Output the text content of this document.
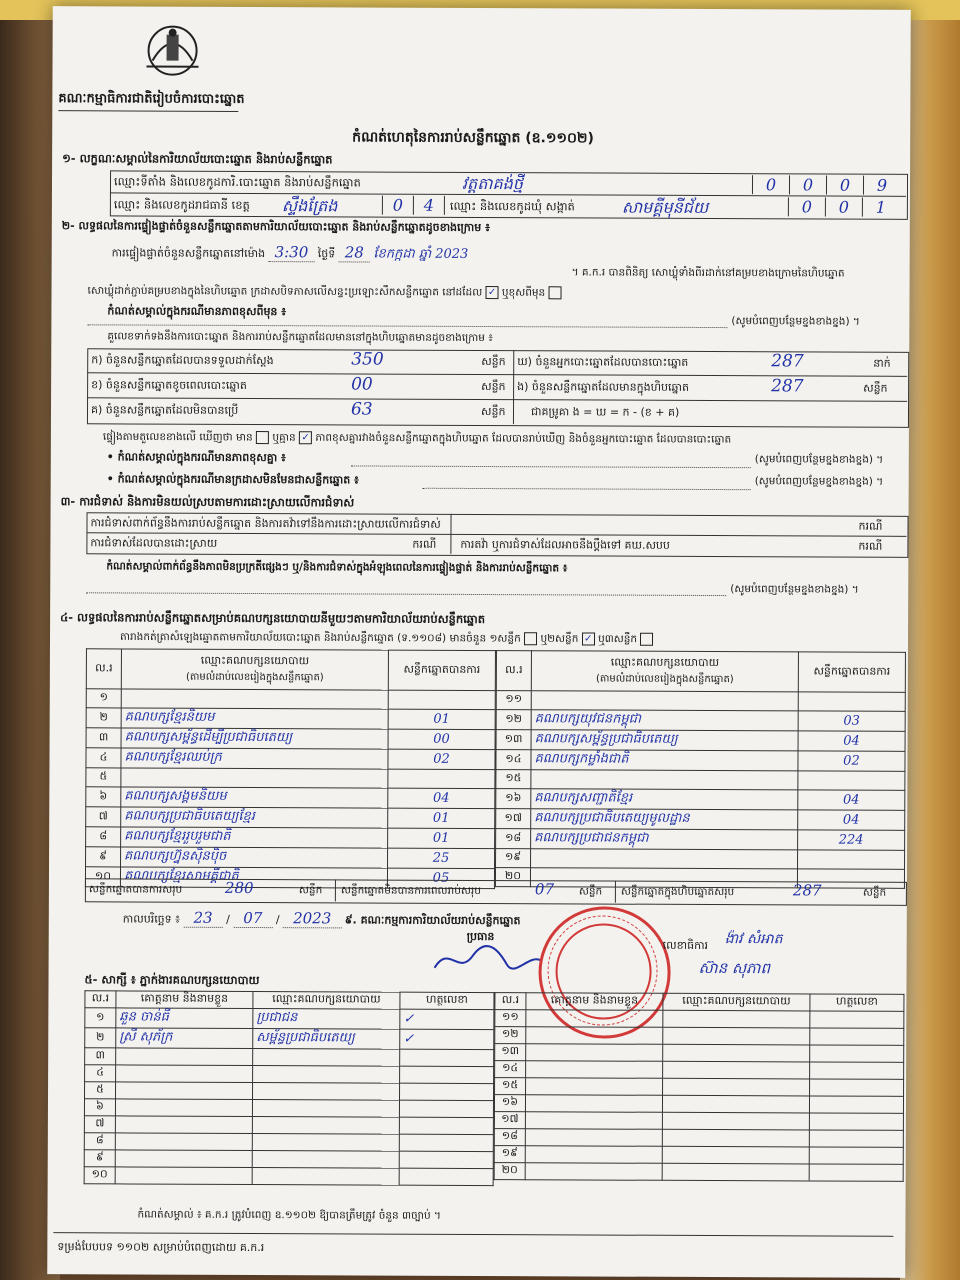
គណៈកម្មាធិការជាតិរៀបចំការបោះឆ្នោត
កំណត់ហេតុនៃការរាប់សន្លឹកឆ្នោត (ឧ.១១០២)
១- លក្ខណៈសម្គាល់នៃការិយាល័យបោះឆ្នោត និងរាប់សន្លឹកឆ្នោត
ឈ្មោះទីតាំង និងលេខកូដការិ.បោះឆ្នោត និងរាប់សន្លឹកឆ្នោត	វត្តតាគង់ថ្មី	0	0	0	9
ឈ្មោះ និងលេខកូដរាជធានី ខេត្ត ស្ទឹងត្រែង	0	4	ឈ្មោះ និងលេខកូដឃុំ សង្កាត់	សាមគ្គីមុនីជ័យ	0	0	1
២- លទ្ធផលនៃការផ្ទៀងផ្ទាត់ចំនួនសន្លឹកឆ្នោតតាមការិយាល័យបោះឆ្នោត និងរាប់សន្លឹកឆ្នោតដូចខាងក្រោម ៖
ការផ្ទៀងផ្ទាត់ចំនួនសន្លឹកឆ្នោតនៅម៉ោង 3:30 ថ្ងៃទី 28 ខែកក្កដា ឆ្នាំ 2023
។ គ.ក.រ បានពិនិត្យ សោឃ្លុំទាំងពីរដាក់នៅគម្របខាងក្រោមនៃហិបឆ្នោត
សោឃ្លុំដាក់ភ្ជាប់គម្របខាងក្នុងនៃហិបឆ្នោត ក្រដាសបិទភាសលើសន្ទះប្រឡោះសឹកសន្លឹកឆ្នោត នៅដដែល ✓ ឬខុសពីមុន
កំណត់សម្គាល់ក្នុងករណីមានភាពខុសពីមុន ៖
(សូមបំពេញបន្ថែមខ្នងខាងខ្នង) ។
គួលេខទាក់ទងនឹងការបោះឆ្នោត និងការរាប់សន្លឹកឆ្នោតដែលមាននៅក្នុងហិបឆ្នោតមានដូចខាងក្រោម ៖
ក) ចំនួនសន្លឹកឆ្នោតដែលបានទទួលដាក់ស្តែង	350	សន្លឹក
ខ) ចំនួនសន្លឹកឆ្នោតខូចពេលបោះឆ្នោត	00	សន្លឹក
គ) ចំនួនសន្លឹកឆ្នោតដែលមិនបានប្រើ	63	សន្លឹក
ឃ) ចំនួនអ្នកបោះឆ្នោតដែលបានបោះឆ្នោត	287	នាក់
ង) ចំនួនសន្លឹកឆ្នោតដែលមានក្នុងហិបឆ្នោត	287	សន្លឹក
ជាគម្រូគា ង = ឃ = ក - (ខ + គ)
ផ្ទៀងតាមតួលេខខាងលើ ឃើញថា មាន ឬគ្មាន ✓ ភាពខុសគ្នារវាងចំនួនសន្លឹកឆ្នោតក្នុងហិបឆ្នោត ដែលបានរាប់ឃើញ និងចំនួនអ្នកបោះឆ្នោត ដែលបានបោះឆ្នោត
• កំណត់សម្គាល់ក្នុងករណីមានភាពខុសគ្នា ៖	(សូមបំពេញបន្ថែមខ្នងខាងខ្នង) ។
• កំណត់សម្គាល់ក្នុងករណីមានក្រដាសមិនមែនជាសន្លឹកឆ្នោត ៖	(សូមបំពេញបន្ថែមខ្នងខាងខ្នង) ។
៣- ការជំទាស់ និងការមិនយល់ស្របតាមការដោះស្រាយលើការជំទាស់
ការជំទាស់ពាក់ព័ន្ធនឹងការរាប់សន្លឹកឆ្នោត និងការតវ៉ាទៅនឹងការដោះស្រាយលើការជំទាស់	ករណី
ការជំទាស់ដែលបានដោះស្រាយ	ករណី ការតវ៉ា ឬការជំទាស់ដែលអាចនឹងប្តឹងទៅ គឃ.សបប	ករណី
កំណត់សម្គាល់ពាក់ព័ន្ធនឹងភាពមិនប្រក្រតីផ្សេងៗ ឬ/និងការជំទាស់ក្នុងអំឡុងពេលនៃការផ្ទៀងផ្ទាត់ និងការរាប់សន្លឹកឆ្នោត ៖
(សូមបំពេញបន្ថែមខ្នងខាងខ្នង) ។
៤- លទ្ធផលនៃការរាប់សន្លឹកឆ្នោតសម្រាប់គណបក្សនយោបាយនីមួយៗតាមការិយាល័យរាប់សន្លឹកឆ្នោត
តារាងកត់ត្រាសំឡេងឆ្នោតតាមការិយាល័យបោះឆ្នោត និងរាប់សន្លឹកឆ្នោត (ទ.១១០៨) មានចំនួន ១សន្លឹក ឬ២សន្លឹក ✓ ឬ៣សន្លឹក
ល.រ	ឈ្មោះគណបក្សនយោបាយ
(តាមលំដាប់លេខរៀងក្នុងសន្លឹកឆ្នោត)	សន្លឹកឆ្នោតបានការ
១		
២	គណបក្សខ្មែរនិយម	01
៣	គណបក្សសម្ព័ន្ធដើម្បីប្រជាធិបតេយ្យ	00
៤	គណបក្សខ្មែរឈប់ក្រ	02
៥		
៦	គណបក្សសង្គមនិយម	04
៧	គណបក្សប្រជាធិបតេយ្យខ្មែរ	01
៨	គណបក្សខ្មែររួបរួមជាតិ	01
៩	គណបក្សហ្វ៊ុនស៊ិនប៉ិច	25
១០	គណបក្សខ្មែរសាមគ្គីជាតិ	05
ល.រ	ឈ្មោះគណបក្សនយោបាយ
(តាមលំដាប់លេខរៀងក្នុងសន្លឹកឆ្នោត)	សន្លឹកឆ្នោតបានការ
១១		
១២	គណបក្សយុវជនកម្ពុជា	03
១៣	គណបក្សសម្ព័ន្ធប្រជាធិបតេយ្យ	04
១៤	គណបក្សកម្លាំងជាតិ	02
១៥		
១៦	គណបក្សសញ្ជាតិខ្មែរ	04
១៧	គណបក្សប្រជាធិបតេយ្យមូលដ្ឋាន	04
១៨	គណបក្សប្រជាជនកម្ពុជា	224
១៩		
២០		
សន្លឹកឆ្នោតបានការសរុប	280	សន្លឹក សន្លឹកឆ្នោតមិនបានការពេលរាប់សរុប	07 សន្លឹក សន្លឹកឆ្នោតក្នុងហិបឆ្នោតសរុប	287	សន្លឹក
កាលបរិច្ឆេទ ៖ 23 / 07 / 2023 ៩. គណៈកម្មការការិយាល័យរាប់សន្លឹកឆ្នោត
ប្រធាន
លេខាធិការ ង៉ាវ សំអាត
ស៊ាន សុភាព
៥- សាក្សី ៖ ភ្នាក់ងារគណបក្សនយោបាយ
ល.រ	គោត្តនាម និងនាមខ្លួន	ឈ្មោះគណបក្សនយោបាយ	ហត្ថលេខា
១	ឆួន ចាន់ធី	ប្រជាជន	✓
២	ស្រី សុភ័ក្រ	សម្ព័ន្ធប្រជាធិបតេយ្យ	✓
៣			
៤			
៥			
៦			
៧			
៨			
៩			
១០			
ល.រ	គោត្តនាម និងនាមខ្លួន	ឈ្មោះគណបក្សនយោបាយ	ហត្ថលេខា
១១			
១២			
១៣			
១៤			
១៥			
១៦			
១៧			
១៨			
១៩			
២០			
កំណត់សម្គាល់ ៖ គ.ក.រ ត្រូវបំពេញ ឧ.១១០២ ឱ្យបានត្រឹមត្រូវ ចំនួន ៣ច្បាប់ ។
ទម្រង់បែបបទ ១១០២ សម្រាប់បំពេញដោយ គ.ក.រ
